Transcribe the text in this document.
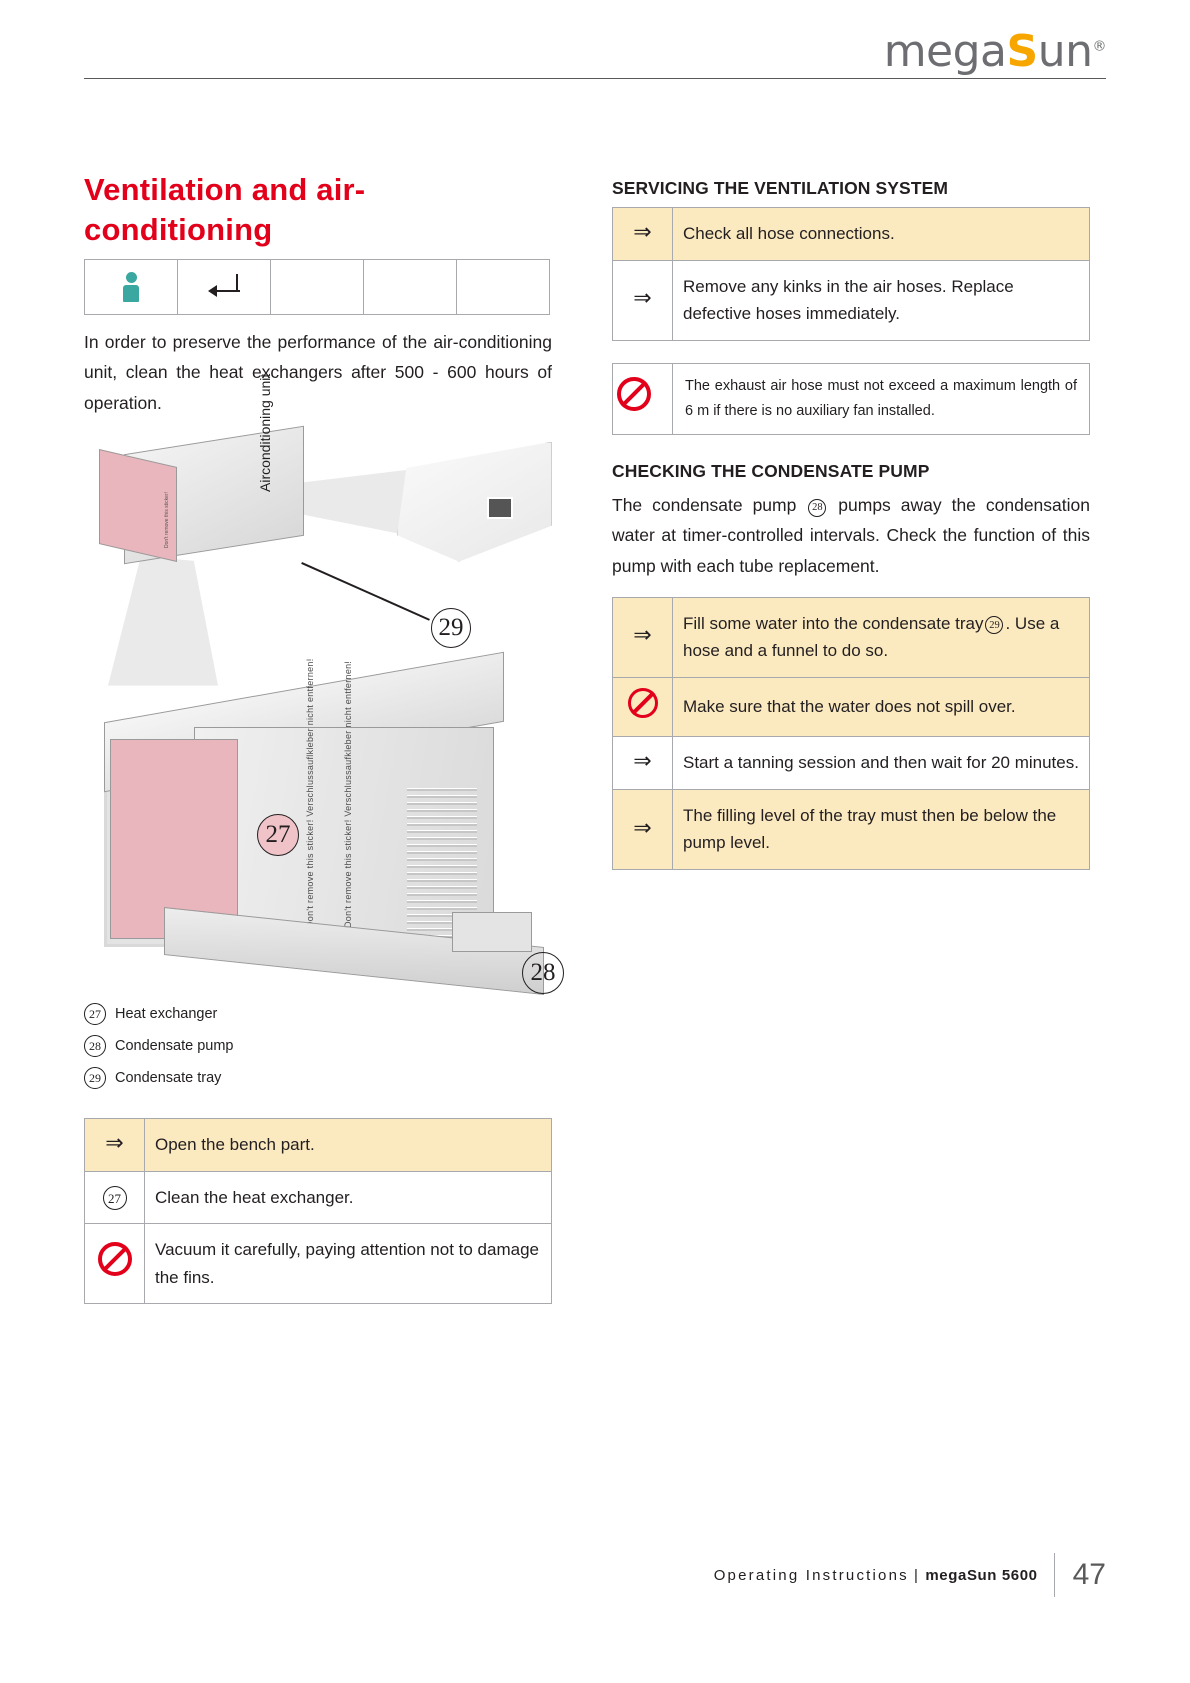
megaSun®
Ventilation and air-conditioning

In order to preserve the performance of the air-conditioning unit, clean the heat exchangers after 500 - 600 hours of operation.

Don't remove this sticker!
Airconditioning unit
29
Don't remove this sticker! Verschlussauflkleber nicht entfernen!	Don't remove this sticker! Verschlussaufkleber nicht entfernen!
27
28
27 Heat exchanger
28 Condensate pump
29 Condensate tray
⇒	Open the bench part.
27	Clean the heat exchanger.
	Vacuum it carefully, paying attention not to damage the fins.
SERVICING THE VENTILATION SYSTEM
⇒	Check all hose connections.
⇒	Remove any kinks in the air hoses. Replace defective hoses immediately.
	The exhaust air hose must not exceed a maximum length of 6 m if there is no auxiliary fan installed.
CHECKING THE CONDENSATE PUMP

The condensate pump 28 pumps away the condensation water at timer-controlled intervals. Check the function of this pump with each tube replacement.

⇒	Fill some water into the condensate tray 29 . Use a hose and a funnel to do so.
	Make sure that the water does not spill over.
⇒	Start a tanning session and then wait for 20 minutes.
⇒	The filling level of the tray must then be below the pump level.
Operating Instructions | megaSun 5600 47
